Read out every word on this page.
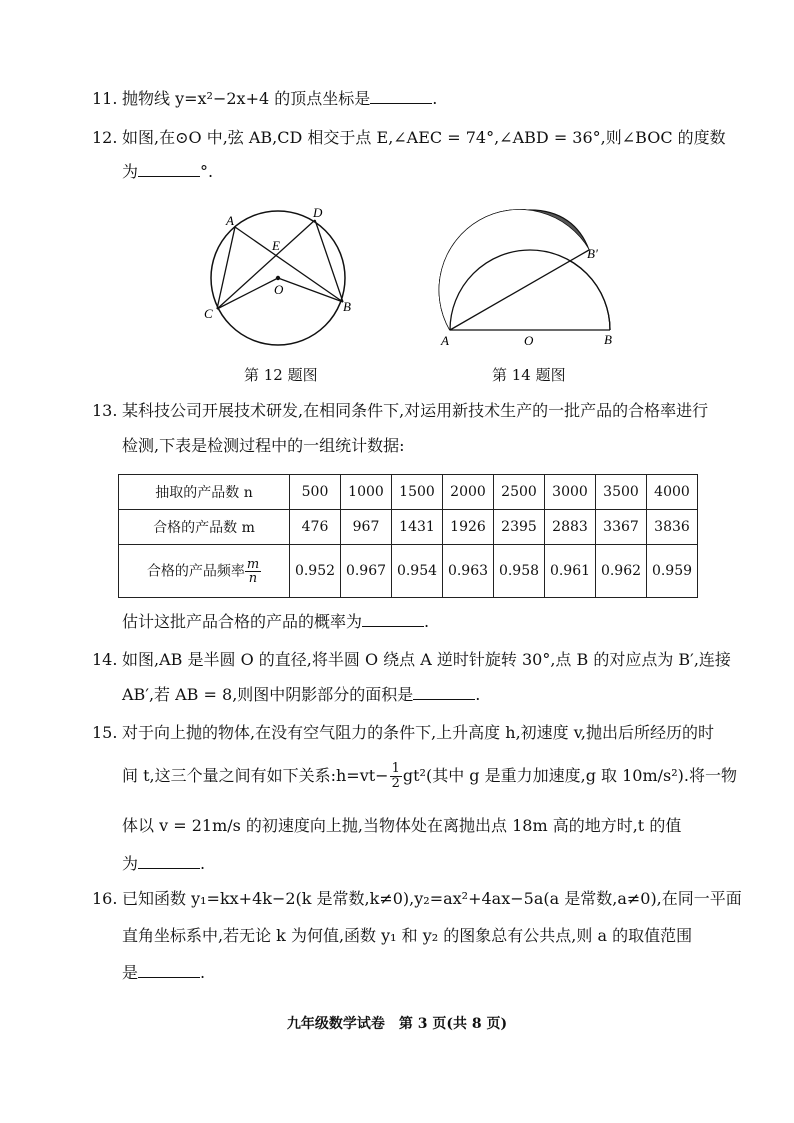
11. 抛物线 y=x²−2x+4 的顶点坐标是	.
12. 如图,在⊙O 中,弦 AB,CD 相交于点 E,∠AEC = 74°,∠ABD = 36°,则∠BOC 的度数
为	°.
A
D
E
O
C	B
第 12 题图
B′
A	O	B
第 14 题图
13. 某科技公司开展技术研发,在相同条件下,对运用新技术生产的一批产品的合格率进行
检测,下表是检测过程中的一组统计数据:
抽取的产品数 n	500	1000	1500	2000	2500	3000	3500	4000
合格的产品数 m	476	967	1431	1926	2395	2883	3367	3836
合格的产品频率 $\frac{m}{n}$	0.952	0.967	0.954	0.963	0.958	0.961	0.962	0.959
估计这批产品合格的产品的概率为	.
14. 如图,AB 是半圆 O 的直径,将半圆 O 绕点 A 逆时针旋转 30°,点 B 的对应点为 B′,连接
AB′,若 AB = 8,则图中阴影部分的面积是	.
15. 对于向上抛的物体,在没有空气阻力的条件下,上升高度 h,初速度 v,抛出后所经历的时
间 t,这三个量之间有如下关系:h=vt− $\frac{1}{2} gt^2$(其中 g 是重力加速度,g 取 10m/s²).将一物
体以 v = 21m/s 的初速度向上抛,当物体处在离抛出点 18m 高的地方时,t 的值
为	.
16. 已知函数 y₁=kx+4k−2(k 是常数,k≠0),y₂=ax²+4ax−5a(a 是常数,a≠0),在同一平面
直角坐标系中,若无论 k 为何值,函数 y₁ 和 y₂ 的图象总有公共点,则 a 的取值范围
是	.
九年级数学试卷　第 3 页(共 8 页)
